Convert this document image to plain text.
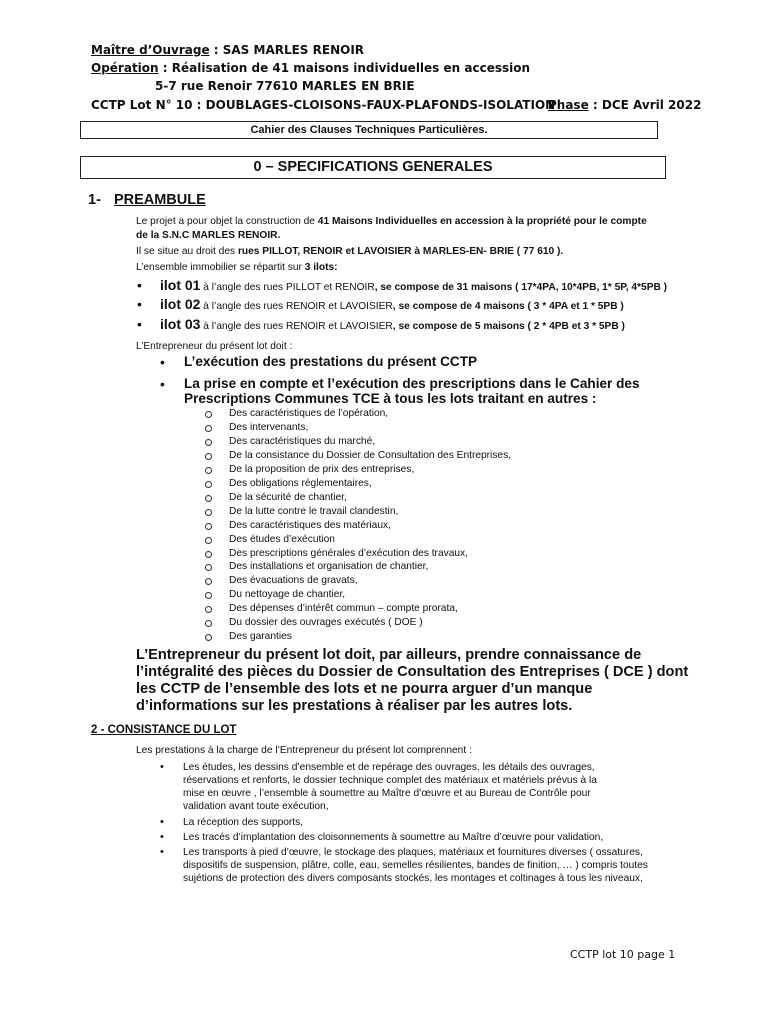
Maître d’Ouvrage : SAS MARLES RENOIR
Opération : Réalisation de 41 maisons individuelles en accession
5-7 rue Renoir 77610 MARLES EN BRIE
CCTP Lot N° 10 : DOUBLAGES-CLOISONS-FAUX-PLAFONDS-ISOLATION
Phase : DCE Avril 2022
Cahier des Clauses Techniques Particulières.
0 – SPECIFICATIONS GENERALES
1- PREAMBULE
Le projet a pour objet la construction de 41 Maisons Individuelles en accession à la propriété pour le compte
de la S.N.C MARLES RENOIR.
Il se situe au droit des rues PILLOT, RENOIR et LAVOISIER à MARLES-EN- BRIE ( 77 610 ).
L’ensemble immobilier se répartit sur 3 ilots:
• ilot 01 à l’angle des rues PILLOT et RENOIR, se compose de 31 maisons ( 17*4PA, 10*4PB, 1* 5P, 4*5PB )
• ilot 02 à l’angle des rues RENOIR et LAVOISIER, se compose de 4 maisons ( 3 * 4PA et 1 * 5PB )
• ilot 03 à l’angle des rues RENOIR et LAVOISIER, se compose de 5 maisons ( 2 * 4PB et 3 * 5PB )
L’Entrepreneur du présent lot doit :
• L’exécution des prestations du présent CCTP
• La prise en compte et l’exécution des prescriptions dans le Cahier des
Prescriptions Communes TCE à tous les lots traitant en autres :
Des caractéristiques de l’opération,
Des intervenants,
Des caractéristiques du marché,
De la consistance du Dossier de Consultation des Entreprises,
De la proposition de prix des entreprises,
Des obligations réglementaires,
De la sécurité de chantier,
De la lutte contre le travail clandestin,
Des caractéristiques des matériaux,
Des études d’exécution
Des prescriptions générales d’exécution des travaux,
Des installations et organisation de chantier,
Des évacuations de gravats,
Du nettoyage de chantier,
Des dépenses d’intérêt commun – compte prorata,
Du dossier des ouvrages exécutés ( DOE )
Des garanties
L’Entrepreneur du présent lot doit, par ailleurs, prendre connaissance de
l’intégralité des pièces du Dossier de Consultation des Entreprises ( DCE ) dont
les CCTP de l’ensemble des lots et ne pourra arguer d’un manque
d’informations sur les prestations à réaliser par les autres lots.
2 - CONSISTANCE DU LOT
Les prestations à la charge de l’Entrepreneur du présent lot comprennent :
• Les études, les dessins d’ensemble et de repérage des ouvrages, les détails des ouvrages,
réservations et renforts, le dossier technique complet des matériaux et matériels prévus à la
mise en œuvre , l’ensemble à soumettre au Maître d’œuvre et au Bureau de Contrôle pour
validation avant toute exécution,
• La réception des supports,
• Les tracés d’implantation des cloisonnements à soumettre au Maître d’œuvre pour validation,
• Les transports à pied d’œuvre, le stockage des plaques, matériaux et fournitures diverses ( ossatures,
dispositifs de suspension, plâtre, colle, eau, semelles résilientes, bandes de finition, … ) compris toutes
sujétions de protection des divers composants stockés, les montages et coltinages à tous les niveaux,
CCTP lot 10 page 1
